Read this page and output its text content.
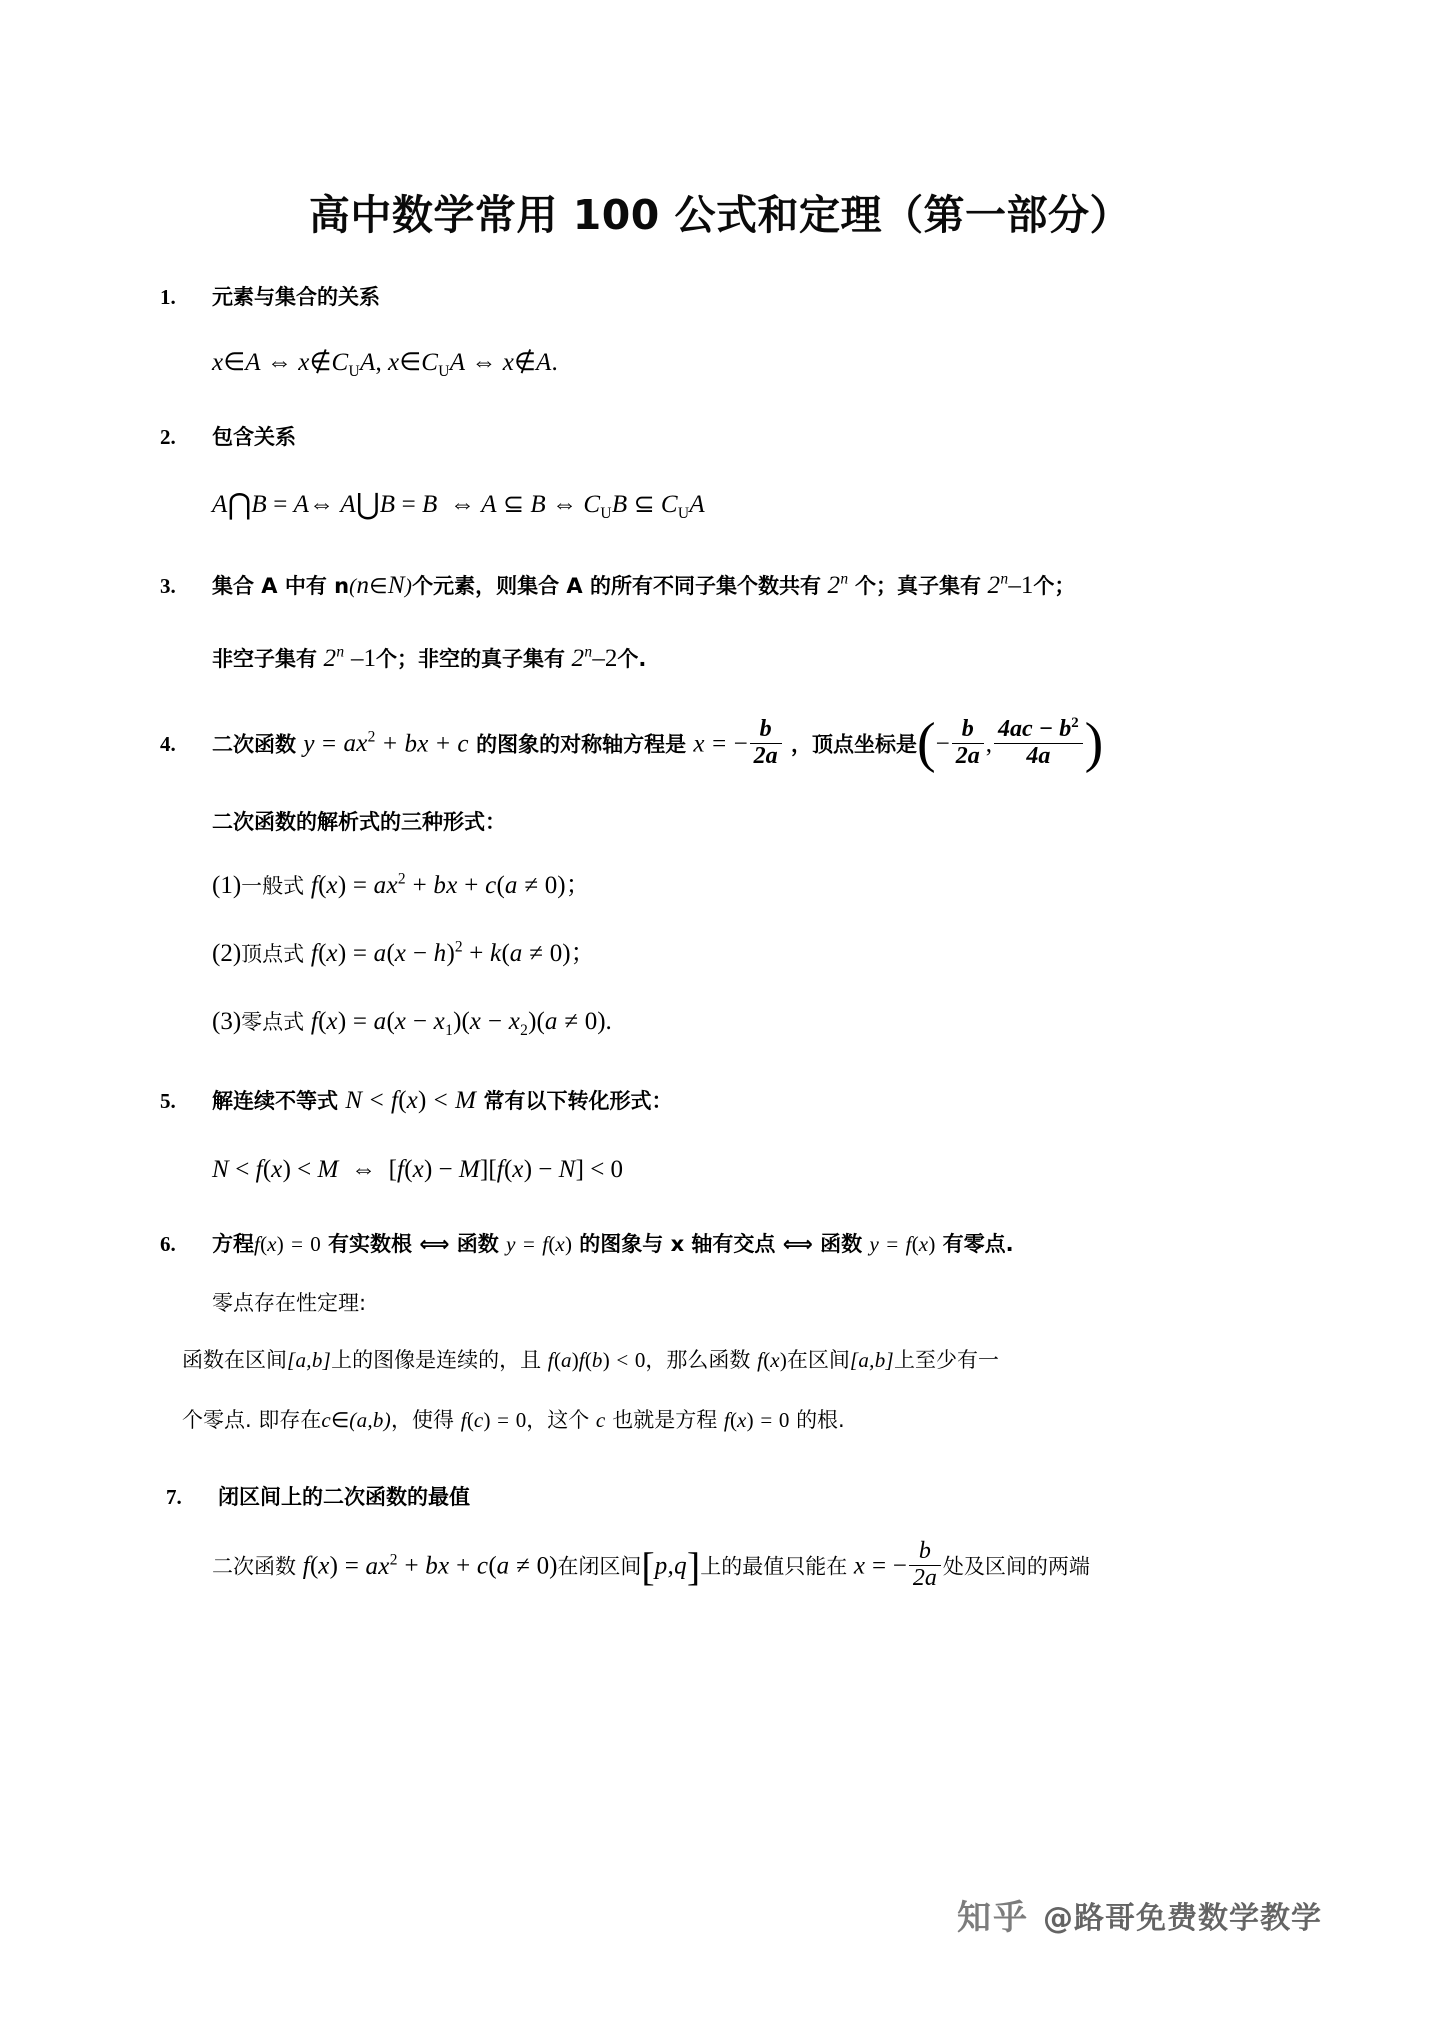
高中数学常用 100 公式和定理（第一部分）
1.	元素与集合的关系
x∈A ⇔ $x\notin C_UA$, $x\in C_UA$ ⇔ x∉A.
2.	包含关系
A⋂B = A⇔ A⋃B = B ⇔ A ⊆ B ⇔ $C_UB$ ⊆ $C_UA$
3.	集合 A 中有 n(n∈N)个元素，则集合 A 的所有不同子集个数共有 2$^n$ 个；真子集有 2$^n$–1个；
非空子集有 2$^n$ –1个；非空的真子集有 2$^n$–2个.
4.	二次函数 $y = ax^2$ + bx + c 的图象的对称轴方程是 x = − $\frac{b}{2a}$ ，顶点坐标是(− $\frac{b}{2a}$ , $\frac{4ac - b^2}{4a}$ )
二次函数的解析式的三种形式：
(1)一般式 $f(x) = ax^2$ + bx + c(a ≠ 0)；
(2)顶点式 $f(x) = a(x - h)^2 + k(a \ne 0)$；
(3)零点式 $f(x) = a(x - x_1)(x - x_2)(a \ne 0)$.
5.	解连续不等式 N < f(x) < M 常有以下转化形式：
N < f(x) < M ⇔ [f(x) − M][f(x) − N] < 0
6.	方程f(x) = 0 有实数根 ⟺ 函数 y = f(x) 的图象与 x 轴有交点 ⟺ 函数 y = f(x) 有零点.
零点存在性定理:
函数在区间[a,b]上的图像是连续的，且 f(a)f(b) < 0，那么函数 f(x)在区间[a,b]上至少有一
个零点. 即存在c∈(a,b)，使得 f(c) = 0，这个 c 也就是方程 f(x) = 0 的根.
7.	闭区间上的二次函数的最值
二次函数 $f(x) = ax^2$ + bx + c(a ≠ 0)在闭区间[p,q]上的最值只能在 x = − $\frac{b}{2a}$ 处及区间的两端
知乎 @路哥免费数学教学
